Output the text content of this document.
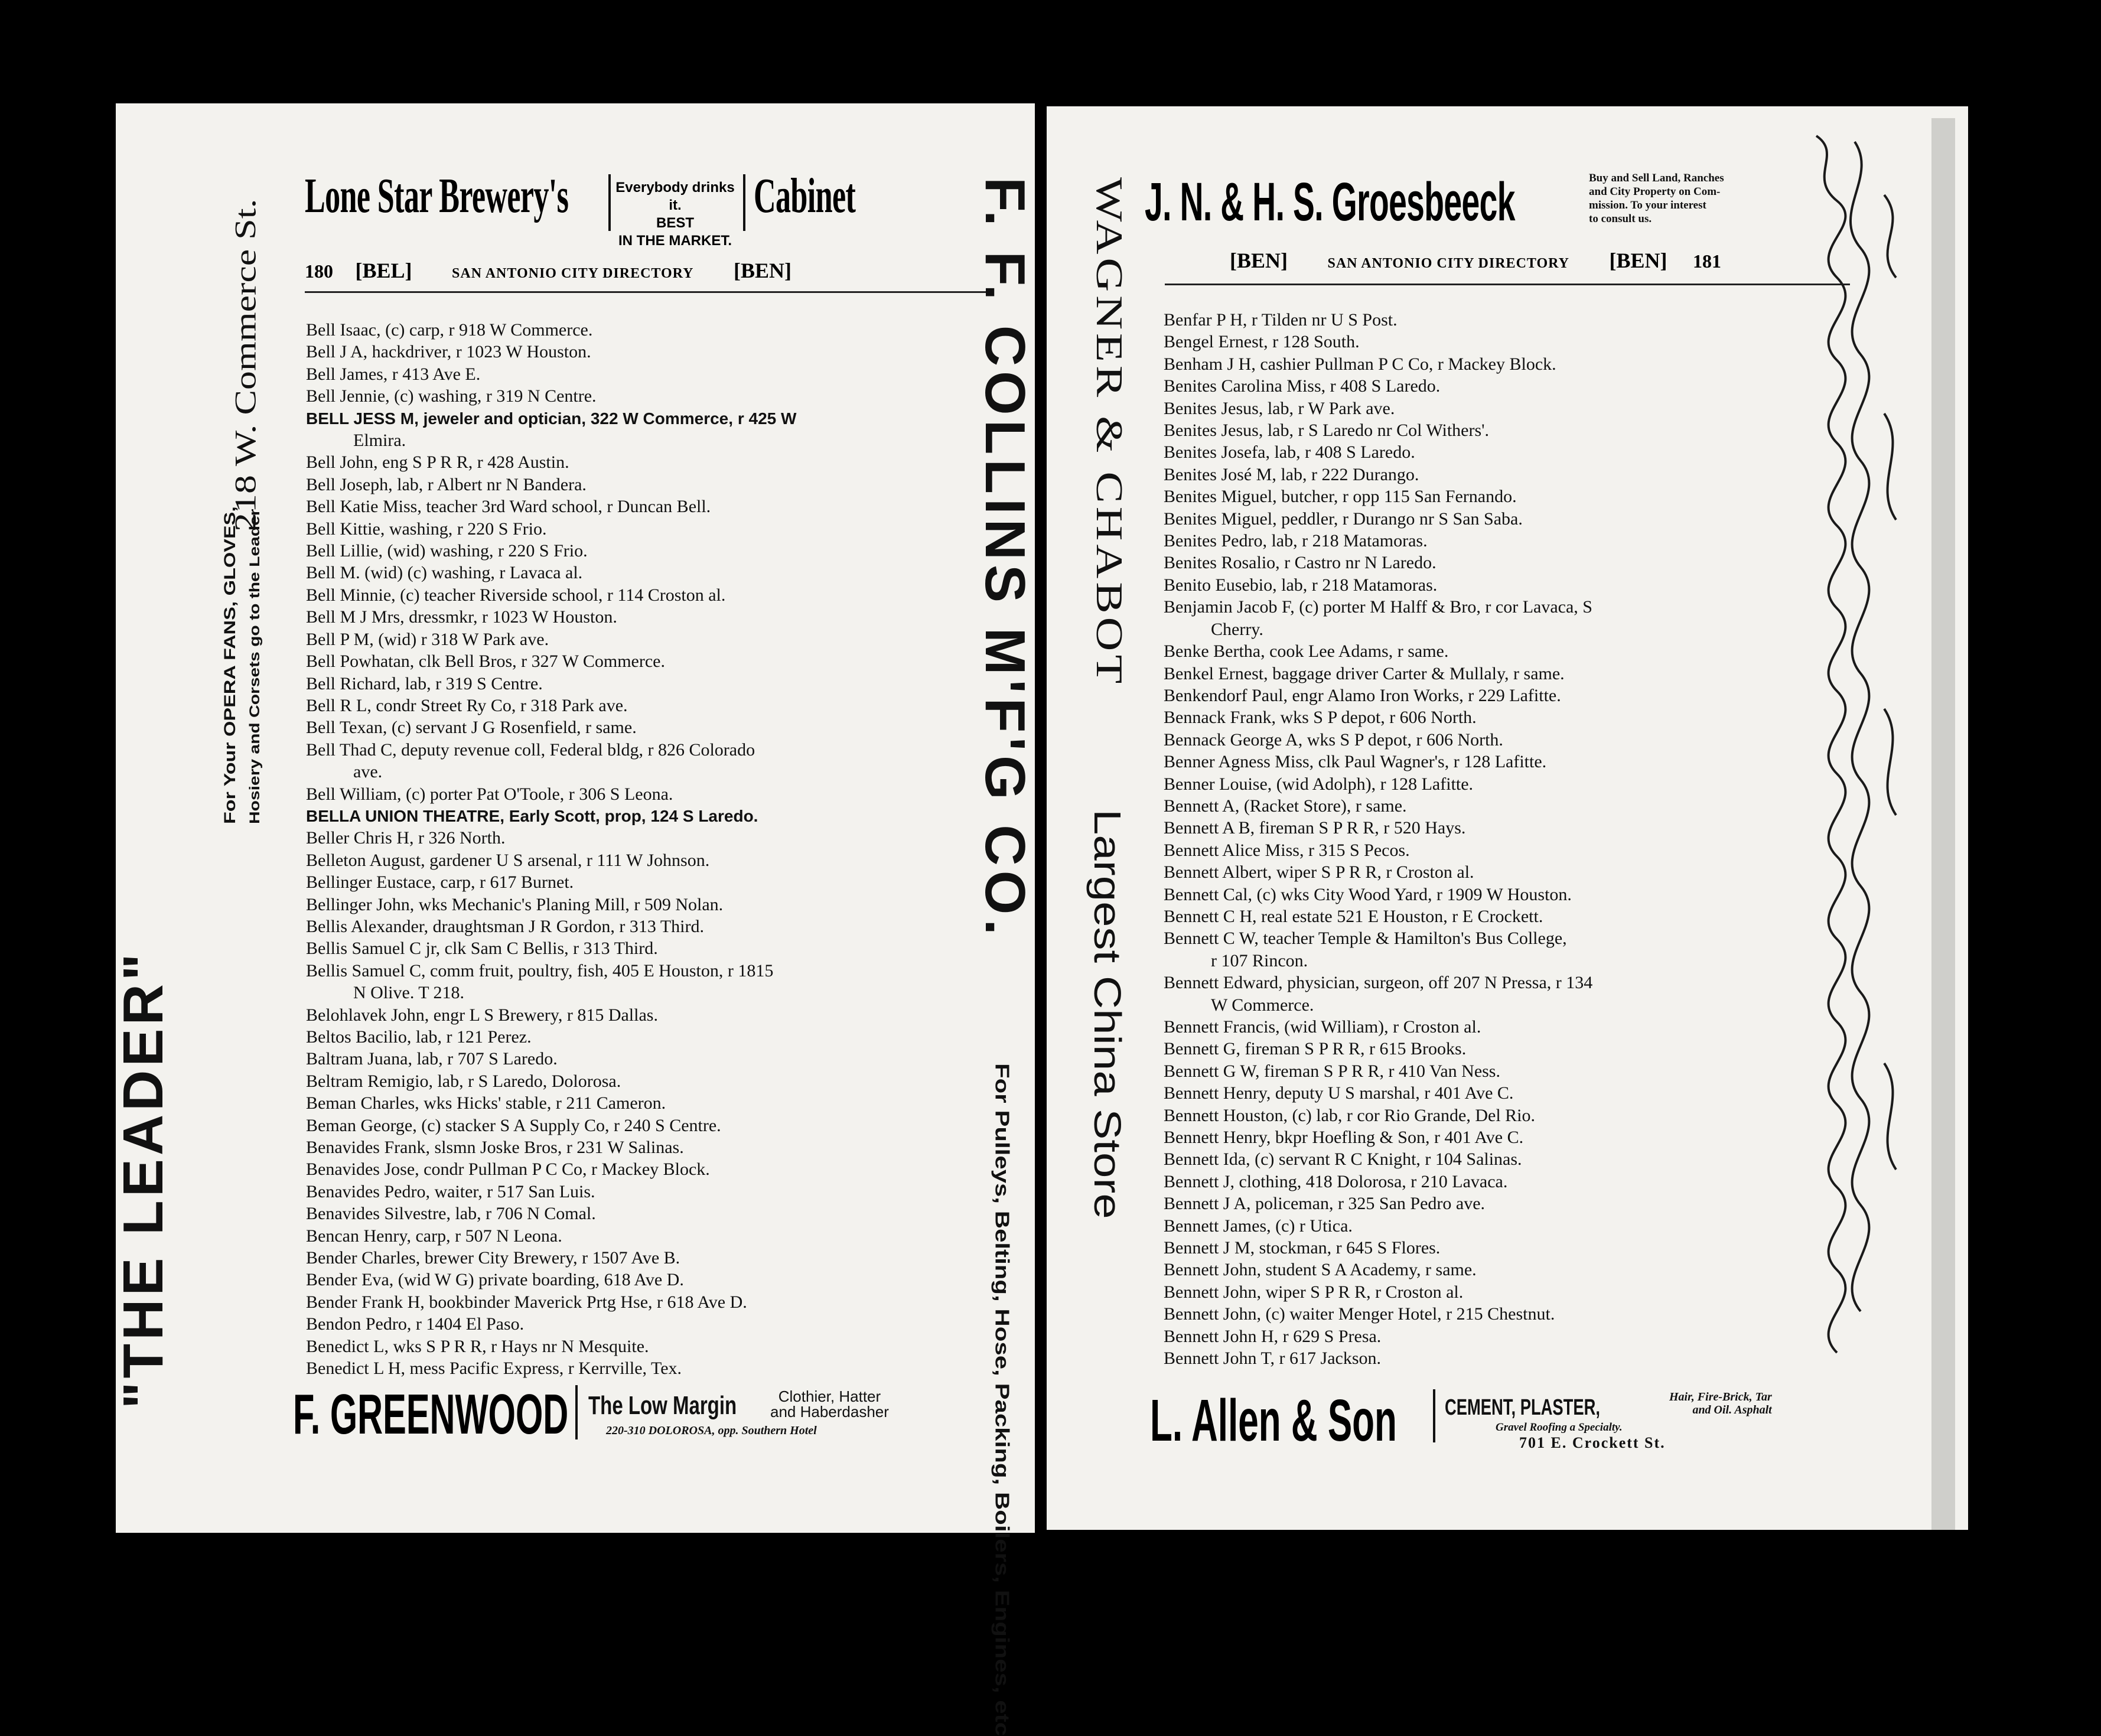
Lone Star Brewery's	Everybody drinks it.
BEST
IN THE MARKET.
Cabinet
180 [BEL]	SAN ANTONIO CITY DIRECTORY [BEN]
Bell Isaac, (c) carp, r 918 W Commerce.
Bell J A, hackdriver, r 1023 W Houston.
Bell James, r 413 Ave E.
Bell Jennie, (c) washing, r 319 N Centre.
BELL JESS M, jeweler and optician, 322 W Commerce, r 425 W
Elmira.
Bell John, eng S P R R, r 428 Austin.
Bell Joseph, lab, r Albert nr N Bandera.
Bell Katie Miss, teacher 3rd Ward school, r Duncan Bell.
Bell Kittie, washing, r 220 S Frio.
Bell Lillie, (wid) washing, r 220 S Frio.
Bell M. (wid) (c) washing, r Lavaca al.
Bell Minnie, (c) teacher Riverside school, r 114 Croston al.
Bell M J Mrs, dressmkr, r 1023 W Houston.
Bell P M, (wid) r 318 W Park ave.
Bell Powhatan, clk Bell Bros, r 327 W Commerce.
Bell Richard, lab, r 319 S Centre.
Bell R L, condr Street Ry Co, r 318 Park ave.
Bell Texan, (c) servant J G Rosenfield, r same.
Bell Thad C, deputy revenue coll, Federal bldg, r 826 Colorado
ave.
Bell William, (c) porter Pat O'Toole, r 306 S Leona.
BELLA UNION THEATRE, Early Scott, prop, 124 S Laredo.
Beller Chris H, r 326 North.
Belleton August, gardener U S arsenal, r 111 W Johnson.
Bellinger Eustace, carp, r 617 Burnet.
Bellinger John, wks Mechanic's Planing Mill, r 509 Nolan.
Bellis Alexander, draughtsman J R Gordon, r 313 Third.
Bellis Samuel C jr, clk Sam C Bellis, r 313 Third.
Bellis Samuel C, comm fruit, poultry, fish, 405 E Houston, r 1815
N Olive. T 218.
Belohlavek John, engr L S Brewery, r 815 Dallas.
Beltos Bacilio, lab, r 121 Perez.
Baltram Juana, lab, r 707 S Laredo.
Beltram Remigio, lab, r S Laredo, Dolorosa.
Beman Charles, wks Hicks' stable, r 211 Cameron.
Beman George, (c) stacker S A Supply Co, r 240 S Centre.
Benavides Frank, slsmn Joske Bros, r 231 W Salinas.
Benavides Jose, condr Pullman P C Co, r Mackey Block.
Benavides Pedro, waiter, r 517 San Luis.
Benavides Silvestre, lab, r 706 N Comal.
Bencan Henry, carp, r 507 N Leona.
Bender Charles, brewer City Brewery, r 1507 Ave B.
Bender Eva, (wid W G) private boarding, 618 Ave D.
Bender Frank H, bookbinder Maverick Prtg Hse, r 618 Ave D.
Bendon Pedro, r 1404 El Paso.
Benedict L, wks S P R R, r Hays nr N Mesquite.
Benedict L H, mess Pacific Express, r Kerrville, Tex.
"THE LEADER"
For Your OPERA FANS, GLOVES, Hosiery and Corsets go to the Leader
218 W. Commerce St.	F. F. COLLINS M'F'G CO.
For Pulleys, Belting, Hose, Packing, Boilers, Engines, etc
F. GREENWOOD The Low Margin	Clothier, Hatter
and Haberdasher
220-310 DOLOROSA, opp. Southern Hotel
J. N. & H. S. Groesbeeck	Buy and Sell Land, Ranches
and City Property on Com-
mission. To your interest
to consult us.
[BEN]	SAN ANTONIO CITY DIRECTORY [BEN] 181
Benfar P H, r Tilden nr U S Post.
Bengel Ernest, r 128 South.
Benham J H, cashier Pullman P C Co, r Mackey Block.
Benites Carolina Miss, r 408 S Laredo.
Benites Jesus, lab, r W Park ave.
Benites Jesus, lab, r S Laredo nr Col Withers'.
Benites Josefa, lab, r 408 S Laredo.
Benites José M, lab, r 222 Durango.
Benites Miguel, butcher, r opp 115 San Fernando.
Benites Miguel, peddler, r Durango nr S San Saba.
Benites Pedro, lab, r 218 Matamoras.
Benites Rosalio, r Castro nr N Laredo.
Benito Eusebio, lab, r 218 Matamoras.
Benjamin Jacob F, (c) porter M Halff & Bro, r cor Lavaca, S
Cherry.
Benke Bertha, cook Lee Adams, r same.
Benkel Ernest, baggage driver Carter & Mullaly, r same.
Benkendorf Paul, engr Alamo Iron Works, r 229 Lafitte.
Bennack Frank, wks S P depot, r 606 North.
Bennack George A, wks S P depot, r 606 North.
Benner Agness Miss, clk Paul Wagner's, r 128 Lafitte.
Benner Louise, (wid Adolph), r 128 Lafitte.
Bennett A, (Racket Store), r same.
Bennett A B, fireman S P R R, r 520 Hays.
Bennett Alice Miss, r 315 S Pecos.
Bennett Albert, wiper S P R R, r Croston al.
Bennett Cal, (c) wks City Wood Yard, r 1909 W Houston.
Bennett C H, real estate 521 E Houston, r E Crockett.
Bennett C W, teacher Temple & Hamilton's Bus College,
r 107 Rincon.
Bennett Edward, physician, surgeon, off 207 N Pressa, r 134
W Commerce.
Bennett Francis, (wid William), r Croston al.
Bennett G, fireman S P R R, r 615 Brooks.
Bennett G W, fireman S P R R, r 410 Van Ness.
Bennett Henry, deputy U S marshal, r 401 Ave C.
Bennett Houston, (c) lab, r cor Rio Grande, Del Rio.
Bennett Henry, bkpr Hoefling & Son, r 401 Ave C.
Bennett Ida, (c) servant R C Knight, r 104 Salinas.
Bennett J, clothing, 418 Dolorosa, r 210 Lavaca.
Bennett J A, policeman, r 325 San Pedro ave.
Bennett James, (c) r Utica.
Bennett J M, stockman, r 645 S Flores.
Bennett John, student S A Academy, r same.
Bennett John, wiper S P R R, r Croston al.
Bennett John, (c) waiter Menger Hotel, r 215 Chestnut.
Bennett John H, r 629 S Presa.
Bennett John T, r 617 Jackson.
WAGNER & CHABOT
Largest China Store
L. Allen & Son CEMENT, PLASTER,	Hair, Fire-Brick, Tar
and Oil. Asphalt
Gravel Roofing a Specialty.
701 E. Crockett St.
